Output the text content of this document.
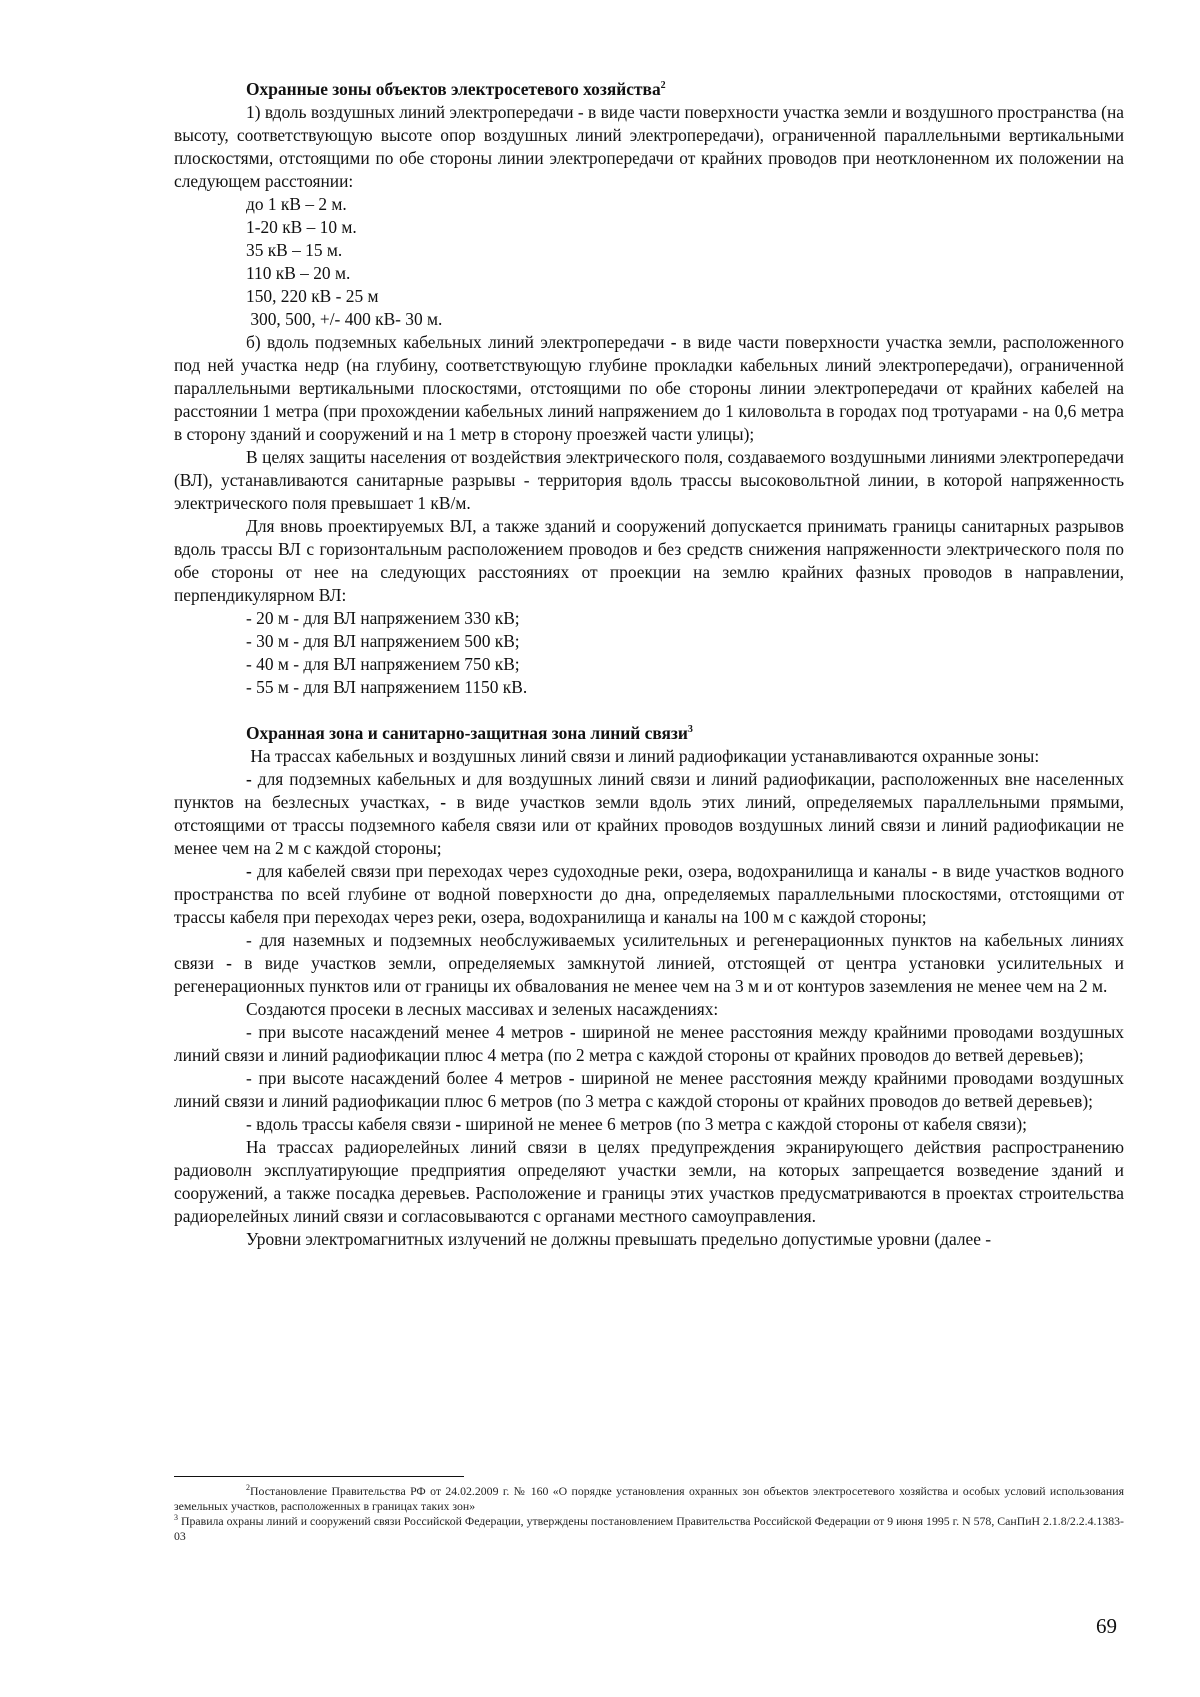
Охранные зоны объектов электросетевого хозяйства$^2$

1) вдоль воздушных линий электропередачи - в виде части поверхности участка земли и воздушного пространства (на высоту, соответствующую высоте опор воздушных линий электропередачи), ограниченной параллельными вертикальными плоскостями, отстоящими по обе стороны линии электропередачи от крайних проводов при неотклоненном их положении на следующем расстоянии:

до 1 кВ – 2 м.
1-20 кВ – 10 м.
35 кВ – 15 м.
110 кВ – 20 м.
150, 220 кВ - 25 м
300, 500, +/- 400 кВ- 30 м.

б) вдоль подземных кабельных линий электропередачи - в виде части поверхности участка земли, расположенного под ней участка недр (на глубину, соответствующую глубине прокладки кабельных линий электропередачи), ограниченной параллельными вертикальными плоскостями, отстоящими по обе стороны линии электропередачи от крайних кабелей на расстоянии 1 метра (при прохождении кабельных линий напряжением до 1 киловольта в городах под тротуарами - на 0,6 метра в сторону зданий и сооружений и на 1 метр в сторону проезжей части улицы);

В целях защиты населения от воздействия электрического поля, создаваемого воздушными линиями электропередачи (ВЛ), устанавливаются санитарные разрывы - территория вдоль трассы высоковольтной линии, в которой напряженность электрического поля превышает 1 кВ/м.

Для вновь проектируемых ВЛ, а также зданий и сооружений допускается принимать границы санитарных разрывов вдоль трассы ВЛ с горизонтальным расположением проводов и без средств снижения напряженности электрического поля по обе стороны от нее на следующих расстояниях от проекции на землю крайних фазных проводов в направлении, перпендикулярном ВЛ:

- 20 м - для ВЛ напряжением 330 кВ;
- 30 м - для ВЛ напряжением 500 кВ;
- 40 м - для ВЛ напряжением 750 кВ;
- 55 м - для ВЛ напряжением 1150 кВ.

Охранная зона и санитарно-защитная зона линий связи$^3$

На трассах кабельных и воздушных линий связи и линий радиофикации устанавливаются охранные зоны:

- для подземных кабельных и для воздушных линий связи и линий радиофикации, расположенных вне населенных пунктов на безлесных участках, - в виде участков земли вдоль этих линий, определяемых параллельными прямыми, отстоящими от трассы подземного кабеля связи или от крайних проводов воздушных линий связи и линий радиофикации не менее чем на 2 м с каждой стороны;

- для кабелей связи при переходах через судоходные реки, озера, водохранилища и каналы - в виде участков водного пространства по всей глубине от водной поверхности до дна, определяемых параллельными плоскостями, отстоящими от трассы кабеля при переходах через реки, озера, водохранилища и каналы на 100 м с каждой стороны;

- для наземных и подземных необслуживаемых усилительных и регенерационных пунктов на кабельных линиях связи - в виде участков земли, определяемых замкнутой линией, отстоящей от центра установки усилительных и регенерационных пунктов или от границы их обвалования не менее чем на 3 м и от контуров заземления не менее чем на 2 м.

Создаются просеки в лесных массивах и зеленых насаждениях:

- при высоте насаждений менее 4 метров - шириной не менее расстояния между крайними проводами воздушных линий связи и линий радиофикации плюс 4 метра (по 2 метра с каждой стороны от крайних проводов до ветвей деревьев);

- при высоте насаждений более 4 метров - шириной не менее расстояния между крайними проводами воздушных линий связи и линий радиофикации плюс 6 метров (по 3 метра с каждой стороны от крайних проводов до ветвей деревьев);

- вдоль трассы кабеля связи - шириной не менее 6 метров (по 3 метра с каждой стороны от кабеля связи);

На трассах радиорелейных линий связи в целях предупреждения экранирующего действия распространению радиоволн эксплуатирующие предприятия определяют участки земли, на которых запрещается возведение зданий и сооружений, а также посадка деревьев. Расположение и границы этих участков предусматриваются в проектах строительства радиорелейных линий связи и согласовываются с органами местного самоуправления.

Уровни электромагнитных излучений не должны превышать предельно допустимые уровни (далее -

$^2$Постановление Правительства РФ от 24.02.2009 г. № 160 «О порядке установления охранных зон объектов электросетевого хозяйства и особых условий использования земельных участков, расположенных в границах таких зон»

$^3$ Правила охраны линий и сооружений связи Российской Федерации, утверждены постановлением Правительства Российской Федерации от 9 июня 1995 г. N 578, СанПиН 2.1.8/2.2.4.1383-03

69
